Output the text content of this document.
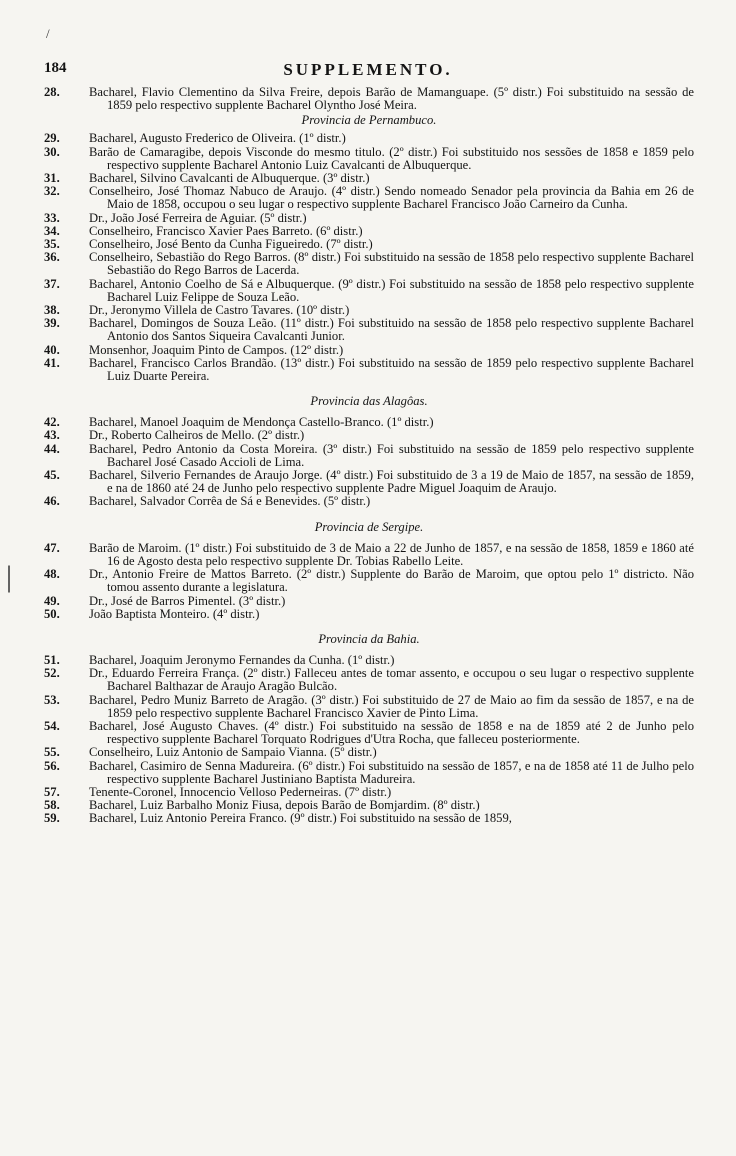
/
|
184	SUPPLEMENTO.
28.	Bacharel, Flavio Clementino da Silva Freire, depois Barão de Mamanguape. (5º distr.) Foi substituido na sessão de 1859 pelo respectivo supplente Bacharel Olyntho José Meira.
Provincia de Pernambuco.
29.	Bacharel, Augusto Frederico de Oliveira. (1º distr.)
30.	Barão de Camaragibe, depois Visconde do mesmo titulo. (2º distr.) Foi substituido nos sessões de 1858 e 1859 pelo respectivo supplente Bacharel Antonio Luiz Cavalcanti de Albuquerque.
31.	Bacharel, Silvino Cavalcanti de Albuquerque. (3º distr.)
32.	Conselheiro, José Thomaz Nabuco de Araujo. (4º distr.) Sendo nomeado Senador pela provincia da Bahia em 26 de Maio de 1858, occupou o seu lugar o respectivo supplente Bacharel Francisco João Carneiro da Cunha.
33.	Dr., João José Ferreira de Aguiar. (5º distr.)
34.	Conselheiro, Francisco Xavier Paes Barreto. (6º distr.)
35.	Conselheiro, José Bento da Cunha Figueiredo. (7º distr.)
36.	Conselheiro, Sebastião do Rego Barros. (8º distr.) Foi substituido na sessão de 1858 pelo respectivo supplente Bacharel Sebastião do Rego Barros de Lacerda.
37.	Bacharel, Antonio Coelho de Sá e Albuquerque. (9º distr.) Foi substituido na sessão de 1858 pelo respectivo supplente Bacharel Luiz Felippe de Souza Leão.
38.	Dr., Jeronymo Villela de Castro Tavares. (10º distr.)
39.	Bacharel, Domingos de Souza Leão. (11º distr.) Foi substituido na sessão de 1858 pelo respectivo supplente Bacharel Antonio dos Santos Siqueira Cavalcanti Junior.
40.	Monsenhor, Joaquim Pinto de Campos. (12º distr.)
41.	Bacharel, Francisco Carlos Brandão. (13º distr.) Foi substituido na sessão de 1859 pelo respectivo supplente Bacharel Luiz Duarte Pereira.
Provincia das Alagôas.
42.	Bacharel, Manoel Joaquim de Mendonça Castello-Branco. (1º distr.)
43.	Dr., Roberto Calheiros de Mello. (2º distr.)
44.	Bacharel, Pedro Antonio da Costa Moreira. (3º distr.) Foi substituido na sessão de 1859 pelo respectivo supplente Bacharel José Casado Accioli de Lima.
45.	Bacharel, Silverio Fernandes de Araujo Jorge. (4º distr.) Foi substituido de 3 a 19 de Maio de 1857, na sessão de 1859, e na de 1860 até 24 de Junho pelo respectivo supplente Padre Miguel Joaquim de Araujo.
46.	Bacharel, Salvador Corrêa de Sá e Benevides. (5º distr.)
Provincia de Sergipe.
47.	Barão de Maroim. (1º distr.) Foi substituido de 3 de Maio a 22 de Junho de 1857, e na sessão de 1858, 1859 e 1860 até 16 de Agosto desta pelo respectivo supplente Dr. Tobias Rabello Leite.
48.	Dr., Antonio Freire de Mattos Barreto. (2º distr.) Supplente do Barão de Maroim, que optou pelo 1º districto. Não tomou assento durante a legislatura.
49.	Dr., José de Barros Pimentel. (3º distr.)
50.	João Baptista Monteiro. (4º distr.)
Provincia da Bahia.
51.	Bacharel, Joaquim Jeronymo Fernandes da Cunha. (1º distr.)
52.	Dr., Eduardo Ferreira França. (2º distr.) Falleceu antes de tomar assento, e occupou o seu lugar o respectivo supplente Bacharel Balthazar de Araujo Aragão Bulcão.
53.	Bacharel, Pedro Muniz Barreto de Aragão. (3º distr.) Foi substituido de 27 de Maio ao fim da sessão de 1857, e na de 1859 pelo respectivo supplente Bacharel Francisco Xavier de Pinto Lima.
54.	Bacharel, José Augusto Chaves. (4º distr.) Foi substituido na sessão de 1858 e na de 1859 até 2 de Junho pelo respectivo supplente Bacharel Torquato Rodrigues d'Utra Rocha, que falleceu posteriormente.
55.	Conselheiro, Luiz Antonio de Sampaio Vianna. (5º distr.)
56.	Bacharel, Casimiro de Senna Madureira. (6º distr.) Foi substituido na sessão de 1857, e na de 1858 até 11 de Julho pelo respectivo supplente Bacharel Justiniano Baptista Madureira.
57.	Tenente-Coronel, Innocencio Velloso Pederneiras. (7º distr.)
58.	Bacharel, Luiz Barbalho Moniz Fiusa, depois Barão de Bomjardim. (8º distr.)
59.	Bacharel, Luiz Antonio Pereira Franco. (9º distr.) Foi substituido na sessão de 1859,
